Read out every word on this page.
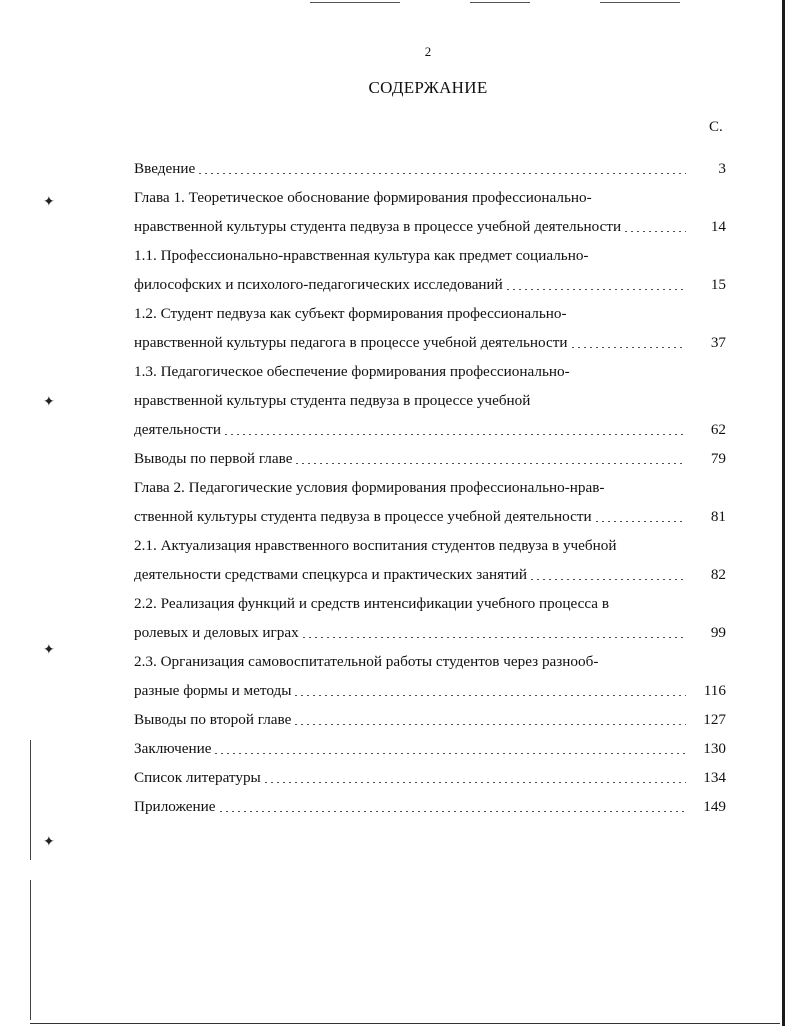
✦
✦
✦
✦
2
СОДЕРЖАНИЕ
С.
Введение	3
Глава 1. Теоретическое обоснование формирования профессионально-
нравственной культуры студента педвуза в процессе учебной деятельности	14
1.1. Профессионально-нравственная культура как предмет социально-
философских и психолого-педагогических исследований	15
1.2. Студент педвуза как субъект формирования профессионально-
нравственной культуры педагога в процессе учебной деятельности	37
1.3. Педагогическое обеспечение формирования профессионально-
нравственной культуры студента педвуза в процессе учебной
деятельности	62
Выводы по первой главе	79
Глава 2. Педагогические условия формирования профессионально-нрав-
ственной культуры студента педвуза в процессе учебной деятельности	81
2.1. Актуализация нравственного воспитания студентов педвуза в учебной
деятельности средствами спецкурса и практических занятий	82
2.2. Реализация функций и средств интенсификации учебного процесса в
ролевых и деловых играх	99
2.3. Организация самовоспитательной работы студентов через разнооб-
разные формы и методы	116
Выводы по второй главе	127
Заключение	130
Список литературы	134
Приложение	149
